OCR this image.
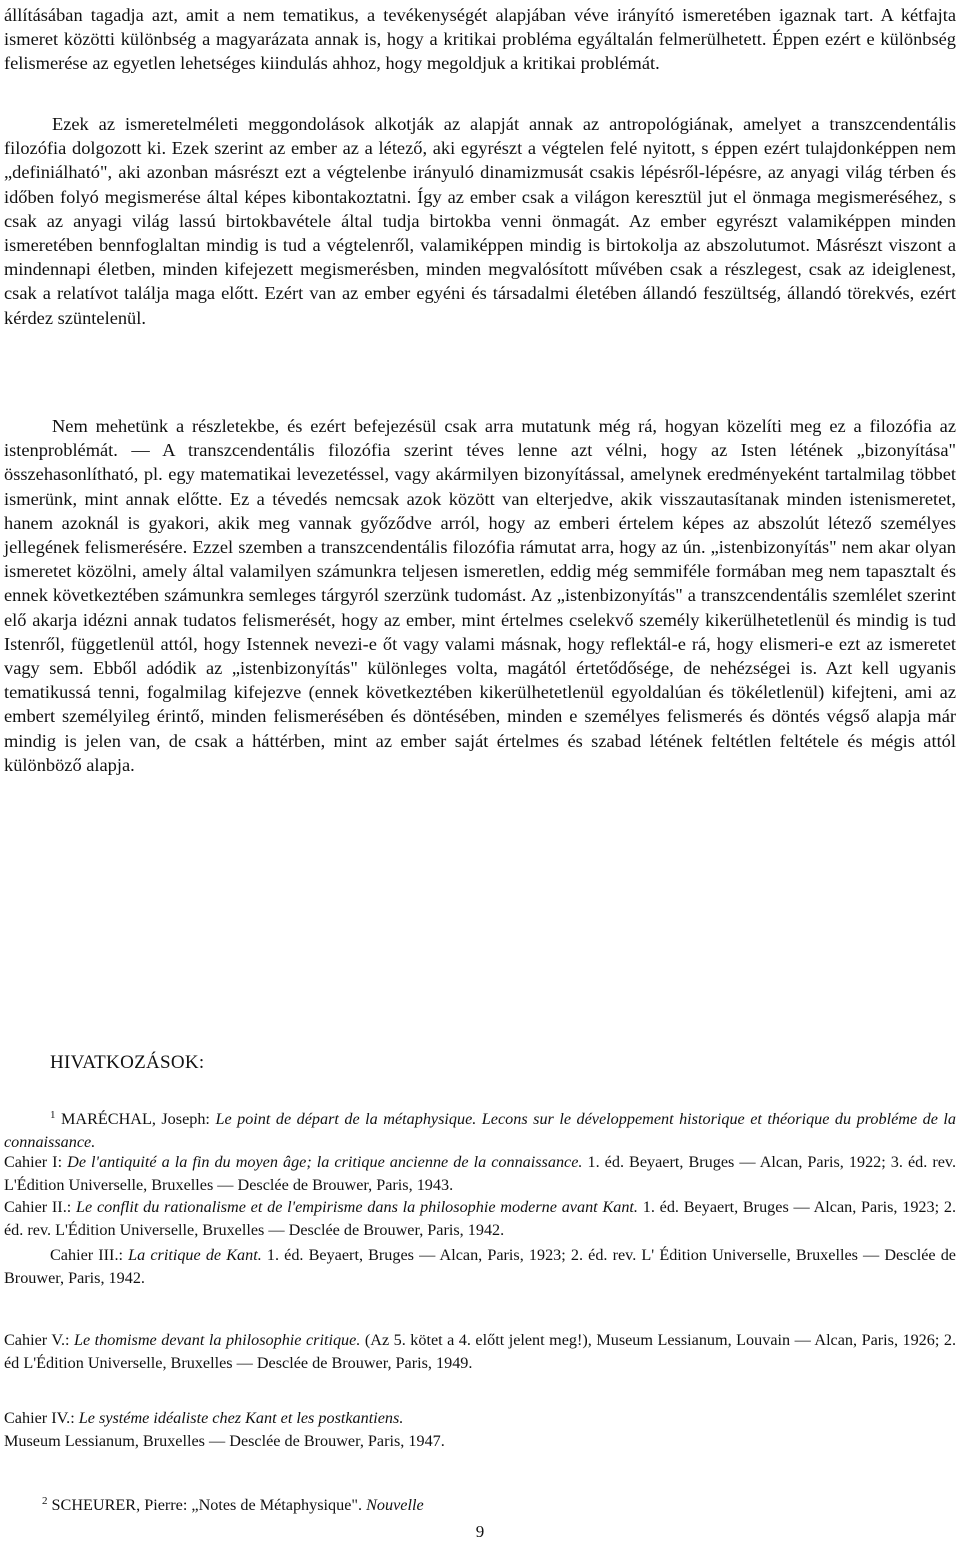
állításában tagadja azt, amit a nem tematikus, a tevékenységét alapjában véve irányító ismeretében igaznak tart. A kétfajta ismeret közötti különbség a magyarázata annak is, hogy a kritikai probléma egyáltalán felmerülhetett. Éppen ezért e különbség felismerése az egyetlen lehetséges kiindulás ahhoz, hogy megoldjuk a kritikai problémát.

Ezek az ismeretelméleti meggondolások alkotják az alapját annak az antropológiának, amelyet a transzcendentális filozófia dolgozott ki. Ezek szerint az ember az a létező, aki egyrészt a végtelen felé nyitott, s éppen ezért tulajdonképpen nem „definiálható", aki azonban másrészt ezt a végtelenbe irányuló dinamizmusát csakis lépésről-lépésre, az anyagi világ térben és időben folyó megismerése által képes kibontakoztatni. Így az ember csak a világon keresztül jut el önmaga megismeréséhez, s csak az anyagi világ lassú birtokbavétele által tudja birtokba venni önmagát. Az ember egyrészt valamiképpen minden ismeretében bennfoglaltan mindig is tud a végtelenről, valamiképpen mindig is birtokolja az abszolutumot. Másrészt viszont a mindennapi életben, minden kifejezett megismerésben, minden megvalósított művében csak a részlegest, csak az ideiglenest, csak a relatívot találja maga előtt. Ezért van az ember egyéni és társadalmi életében állandó feszültség, állandó törekvés, ezért kérdez szüntelenül.

Nem mehetünk a részletekbe, és ezért befejezésül csak arra mutatunk még rá, hogyan közelíti meg ez a filozófia az istenproblémát. — A transzcendentális filozófia szerint téves lenne azt vélni, hogy az Isten létének „bizonyítása" összehasonlítható, pl. egy matematikai levezetéssel, vagy akármilyen bizonyítással, amelynek eredményeként tartalmilag többet ismerünk, mint annak előtte. Ez a tévedés nemcsak azok között van elterjedve, akik visszautasítanak minden istenismeretet, hanem azoknál is gyakori, akik meg vannak győződve arról, hogy az emberi értelem képes az abszolút létező személyes jellegének felismerésére. Ezzel szemben a transzcendentális filozófia rámutat arra, hogy az ún. „istenbizonyítás" nem akar olyan ismeretet közölni, amely által valamilyen számunkra teljesen ismeretlen, eddig még semmiféle formában meg nem tapasztalt és ennek következtében számunkra semleges tárgyról szerzünk tudomást. Az „istenbizonyítás" a transzcendentális szemlélet szerint elő akarja idézni annak tudatos felismerését, hogy az ember, mint értelmes cselekvő személy kikerülhetetlenül és mindig is tud Istenről, függetlenül attól, hogy Istennek nevezi-e őt vagy valami másnak, hogy reflektál-e rá, hogy elismeri-e ezt az ismeretet vagy sem. Ebből adódik az „istenbizonyítás" különleges volta, magától értetődősége, de nehézségei is. Azt kell ugyanis tematikussá tenni, fogalmilag kifejezve (ennek következtében kikerülhetetlenül egyoldalúan és tökéletlenül) kifejteni, ami az embert személyileg érintő, minden felismerésében és döntésében, minden e személyes felismerés és döntés végső alapja már mindig is jelen van, de csak a háttérben, mint az ember saját értelmes és szabad létének feltétlen feltétele és mégis attól különböző alapja.

HIVATKOZÁSOK:

$^1$ MARÉCHAL, Joseph: Le point de départ de la métaphysique. Lecons sur le développement historique et théorique du probléme de la connaissance.

Cahier I: De l'antiquité a la fin du moyen âge; la critique ancienne de la connaissance. 1. éd. Beyaert, Bruges — Alcan, Paris, 1922; 3. éd. rev. L'Édition Universelle, Bruxelles — Desclée de Brouwer, Paris, 1943.

Cahier II.: Le conflit du rationalisme et de l'empirisme dans la philosophie moderne avant Kant. 1. éd. Beyaert, Bruges — Alcan, Paris, 1923; 2. éd. rev. L'Édition Universelle, Bruxelles — Desclée de Brouwer, Paris, 1942.

Cahier III.: La critique de Kant. 1. éd. Beyaert, Bruges — Alcan, Paris, 1923; 2. éd. rev. L' Édition Universelle, Bruxelles — Desclée de Brouwer, Paris, 1942.

Cahier V.: Le thomisme devant la philosophie critique. (Az 5. kötet a 4. előtt jelent meg!), Museum Lessianum, Louvain — Alcan, Paris, 1926; 2. éd L'Édition Universelle, Bruxelles — Desclée de Brouwer, Paris, 1949.

Cahier IV.: Le systéme idéaliste chez Kant et les postkantiens.
Museum Lessianum, Bruxelles — Desclée de Brouwer, Paris, 1947.

$^2$ SCHEURER, Pierre: „Notes de Métaphysique". Nouvelle

9
